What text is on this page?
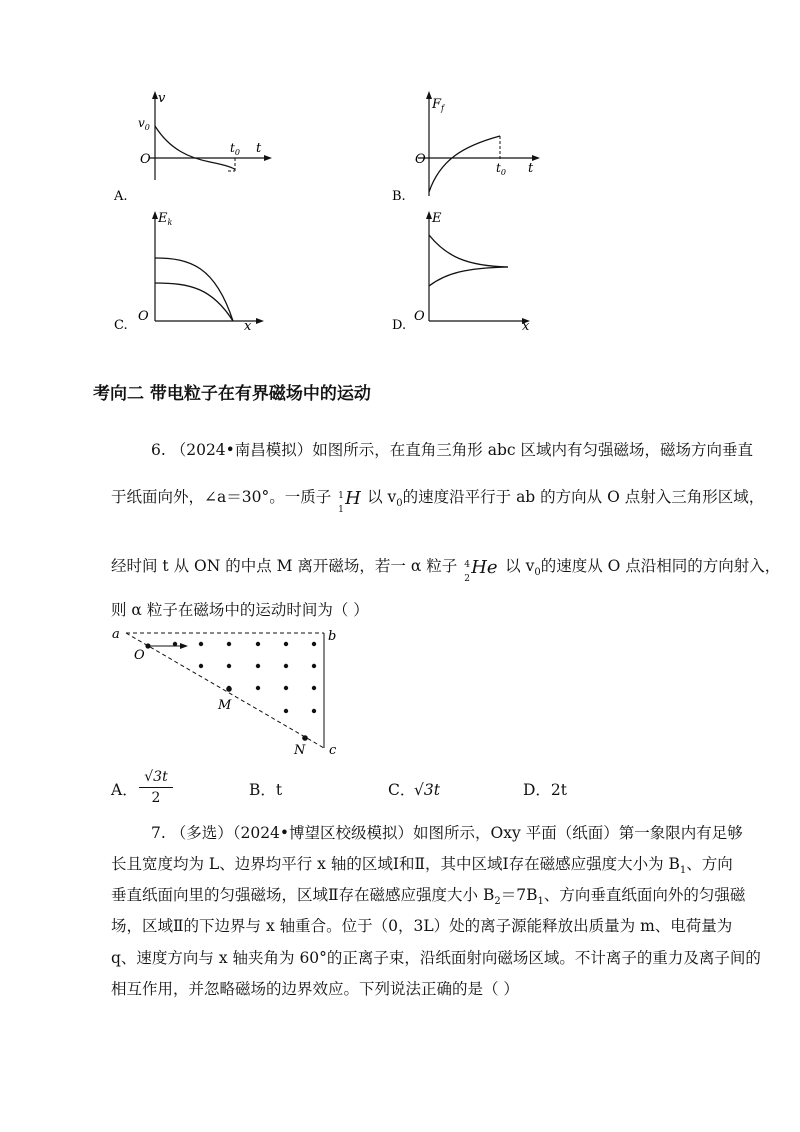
v
$v_0$
O
$t_0$ t
A.
$F_f$
O
$t_0$ t
B.
$E_k$
O
x
C.
E
O
x
D.
考向二 带电粒子在有界磁场中的运动
6. （2024•南昌模拟）如图所示，在直角三角形 abc 区域内有匀强磁场，磁场方向垂直
于纸面向外，∠a＝30°。一质子 1
1
H 以 $v_0$的速度沿平行于 ab 的方向从 O 点射入三角形区域，
经时间 t 从 ON 的中点 M 离开磁场，若一 α 粒子 4
2
He 以 $v_0$的速度从 O 点沿相同的方向射入，
则 α 粒子在磁场中的运动时间为（ ）
a	b
c
O
M
N
A．
√3t
2	B．t	C．
√3t	D．2t
7. （多选）（2024•博望区校级模拟）如图所示，Oxy 平面（纸面）第一象限内有足够
长且宽度均为 L、边界均平行 x 轴的区域Ⅰ和Ⅱ，其中区域Ⅰ存在磁感应强度大小为 $B_1$、方向
垂直纸面向里的匀强磁场，区域Ⅱ存在磁感应强度大小 $B_2=7B_1$、方向垂直纸面向外的匀强磁
场，区域Ⅱ的下边界与 x 轴重合。位于（0，3L）处的离子源能释放出质量为 m、电荷量为
q、速度方向与 x 轴夹角为 60°的正离子束，沿纸面射向磁场区域。不计离子的重力及离子间的
相互作用，并忽略磁场的边界效应。下列说法正确的是（ ）
